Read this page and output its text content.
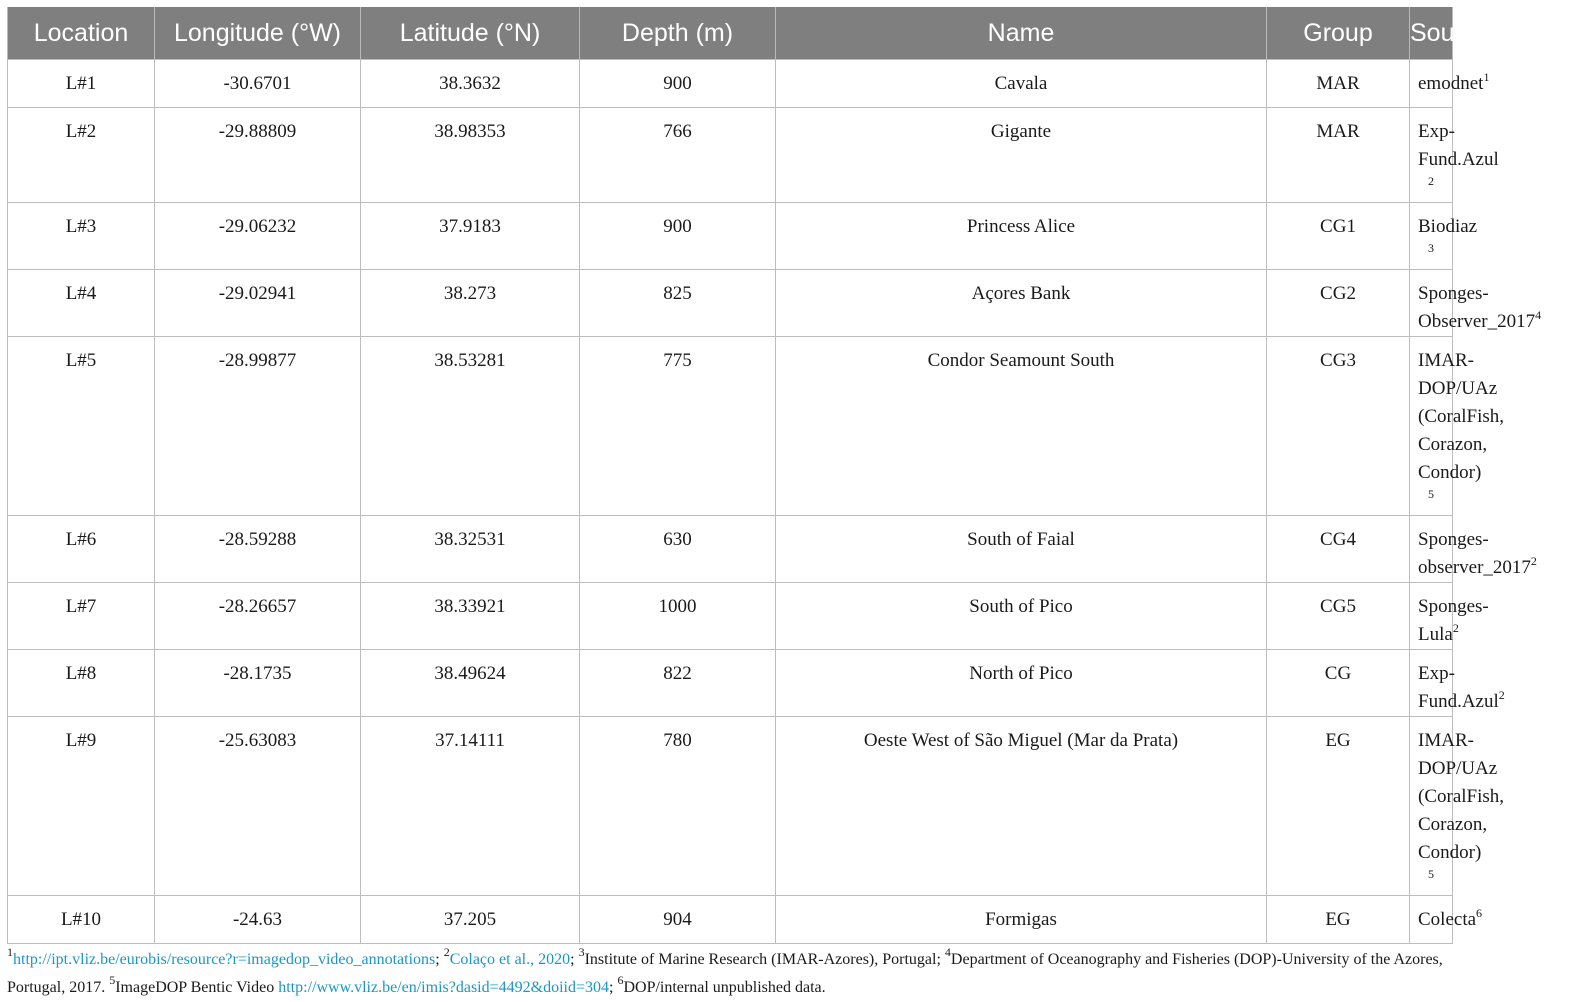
Location	Longitude (°W)	Latitude (°N)	Depth (m)	Name	Group	Source/project
L#1	-30.6701	38.3632	900	Cavala	MAR	emodnet$^1$
L#2	-29.88809	38.98353	766	Gigante	MAR	Exp-Fund.Azul $^2$
L#3	-29.06232	37.9183	900	Princess Alice	CG1	Biodiaz $^3$
L#4	-29.02941	38.273	825	Açores Bank	CG2	Sponges-Observer_2017$^4$
L#5	-28.99877	38.53281	775	Condor Seamount South	CG3	IMAR-DOP/UAz (CoralFish, Corazon, Condor) $^5$
L#6	-28.59288	38.32531	630	South of Faial	CG4	Sponges-observer_2017$^2$
L#7	-28.26657	38.33921	1000	South of Pico	CG5	Sponges-Lula$^2$
L#8	-28.1735	38.49624	822	North of Pico	CG	Exp-Fund.Azul$^2$
L#9	-25.63083	37.14111	780	Oeste West of São Miguel (Mar da Prata)	EG	IMAR-DOP/UAz (CoralFish, Corazon, Condor) $^5$
L#10	-24.63	37.205	904	Formigas	EG	Colecta$^6$
$^1$http://ipt.vliz.be/eurobis/resource?r=imagedop_video_annotations; $^2$Colaço et al., 2020; $^3$Institute of Marine Research (IMAR-Azores), Portugal; $^4$Department of Oceanography and Fisheries (DOP)-University of the Azores, Portugal, 2017. $^5$ImageDOP Bentic Video http://www.vliz.be/en/imis?dasid=4492&doiid=304; $^6$DOP/internal unpublished data.
